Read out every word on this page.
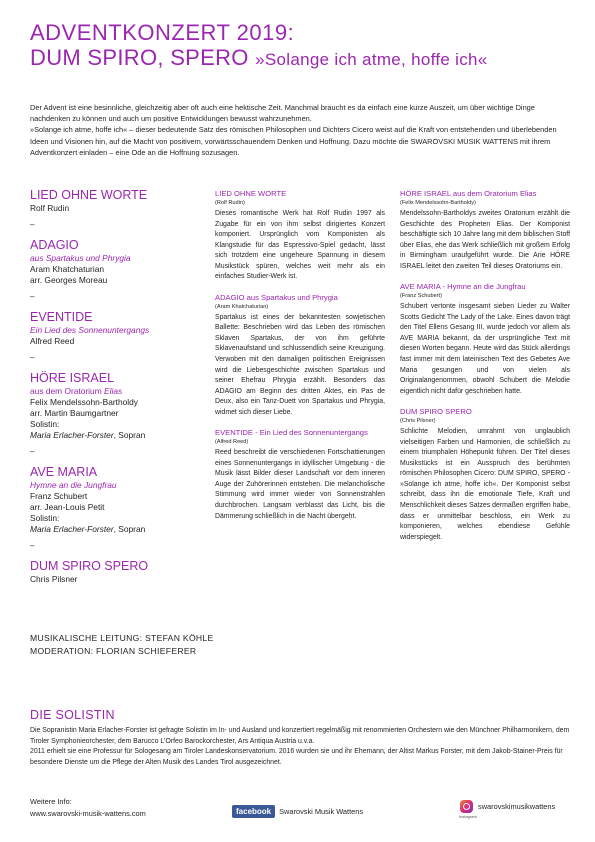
ADVENTKONZERT 2019:
DUM SPIRO, SPERO »Solange ich atme, hoffe ich«

Der Advent ist eine besinnliche, gleichzeitig aber oft auch eine hektische Zeit. Manchmal braucht es da einfach eine kurze Auszeit, um über wichtige Dinge nachdenken zu können und auch um positive Entwicklungen bewusst wahrzunehmen.

»Solange ich atme, hoffe ich« – dieser bedeutende Satz des römischen Philosophen und Dichters Cicero weist auf die Kraft von entstehenden und überlebenden Ideen und Visionen hin, auf die Macht von positivem, vorwärtsschauendem Denken und Hoffnung. Dazu möchte die SWAROVSKI MUSIK WATTENS mit ihrem Adventkonzert einladen – eine Ode an die Hoffnung sozusagen.

LIED OHNE WORTE
Rolf Rudin
–
ADAGIO
aus Spartakus und Phrygia
Aram Khatchaturian
arr. Georges Moreau
–
EVENTIDE
Ein Lied des Sonnenuntergangs
Alfred Reed
–
HÖRE ISRAEL
aus dem Oratorium Elias
Felix Mendelssohn-Bartholdy
arr. Martin Baumgartner
Solistin:
Maria Erlacher-Forster, Sopran
–
AVE MARIA
Hymne an die Jungfrau
Franz Schubert
arr. Jean-Louis Petit
Solistin:
Maria Erlacher-Forster, Sopran
–
DUM SPIRO SPERO
Chris Pilsner
LIED OHNE WORTE
(Rolf Rudin)

Dieses romantische Werk hat Rolf Rudin 1997 als Zugabe für ein von ihm selbst dirigiertes Konzert komponiert. Ursprünglich vom Komponisten als Klangstudie für das Espressivo-Spiel gedacht, lässt sich trotzdem eine ungeheure Spannung in diesem Musikstück spüren, welches weit mehr als ein einfaches Studier-Werk ist.

ADAGIO aus Spartakus und Phrygia
(Aram Khatchaturian)

Spartakus ist eines der bekanntesten sowjetischen Ballette: Beschrieben wird das Leben des römischen Sklaven Spartakus, der von ihm geführte Sklavenaufstand und schlussendlich seine Kreuzigung. Verwoben mit den damaligen politischen Ereignissen wird die Liebesgeschichte zwischen Spartakus und seiner Ehefrau Phrygia erzählt. Besonders das ADAGIO am Beginn des dritten Aktes, ein Pas de Deux, also ein Tanz-Duett von Spartakus und Phrygia, widmet sich dieser Liebe.

EVENTIDE - Ein Lied des Sonnenuntergangs
(Alfred Reed)

Reed beschreibt die verschiedenen Fortschattierungen eines Sonnenuntergangs in idyllischer Umgebung - die Musik lässt Bilder dieser Landschaft vor dem inneren Auge der Zuhörerinnen entstehen. Die melancholische Stimmung wird immer wieder von Sonnenstrahlen durchbrochen. Langsam verblasst das Licht, bis die Dämmerung schließlich in die Nacht übergeht.

HÖRE ISRAEL aus dem Oratorium Elias
(Felix Mendelssohn-Bartholdy)

Mendelssohn-Bartholdys zweites Oratorium erzählt die Geschichte des Propheten Elias. Der Komponist beschäftigte sich 10 Jahre lang mit dem biblischen Stoff über Elias, ehe das Werk schließlich mit großem Erfolg in Birmingham uraufgeführt wurde. Die Arie HÖRE ISRAEL leitet den zweiten Teil dieses Oratoriums ein.

AVE MARIA - Hymne an die Jungfrau
(Franz Schubert)

Schubert vertonte insgesamt sieben Lieder zu Walter Scotts Gedicht The Lady of the Lake. Eines davon trägt den Titel Ellens Gesang III, wurde jedoch vor allem als AVE MARIA bekannt, da der ursprüngliche Text mit diesen Worten begann. Heute wird das Stück allerdings fast immer mit dem lateinischen Text des Gebetes Ave Maria gesungen und von vielen als Originalangenommen, obwohl Schubert die Melodie eigentlich nicht dafür geschrieben hatte.

DUM SPIRO SPERO
(Chris Pilsner)

Schlichte Melodien, umrahmt von unglaublich vielseitigen Farben und Harmonien, die schließlich zu einem triumphalen Höhepunkt führen. Der Titel dieses Musikstücks ist ein Ausspruch des berühmten römischen Philosophen Cicero: DUM SPIRO, SPERO - »Solange ich atme, hoffe ich«. Der Komponist selbst schreibt, dass ihn die emotionale Tiefe, Kraft und Menschlichkeit dieses Satzes dermaßen ergriffen habe, dass er unmittelbar beschloss, ein Werk zu komponieren, welches ebendiese Gefühle widerspiegelt.

MUSIKALISCHE LEITUNG: STEFAN KÖHLE
MODERATION: FLORIAN SCHIEFERER
DIE SOLISTIN
Die Sopranistin Maria Erlacher-Forster ist gefragte Solistin im In- und Ausland und konzertiert regelmäßig mit renommierten Orchestern wie den Münchner Philharmonikern, dem Tiroler Symphonieorchester, dem Barucco L'Orfeo Barockorchester, Ars Antiqua Austria u.v.a.
2011 erhielt sie eine Professur für Sologesang am Tiroler Landeskonservatorium. 2016 wurden sie und ihr Ehemann, der Altist Markus Forster, mit dem Jakob-Stainer-Preis für besondere Dienste um die Pflege der Alten Musik des Landes Tirol ausgezeichnet.
Weitere Info:
www.swarovski-musik-wattens.com	facebook	Swarovski Musik Wattens
Instagram
swarovskimusikwattens
